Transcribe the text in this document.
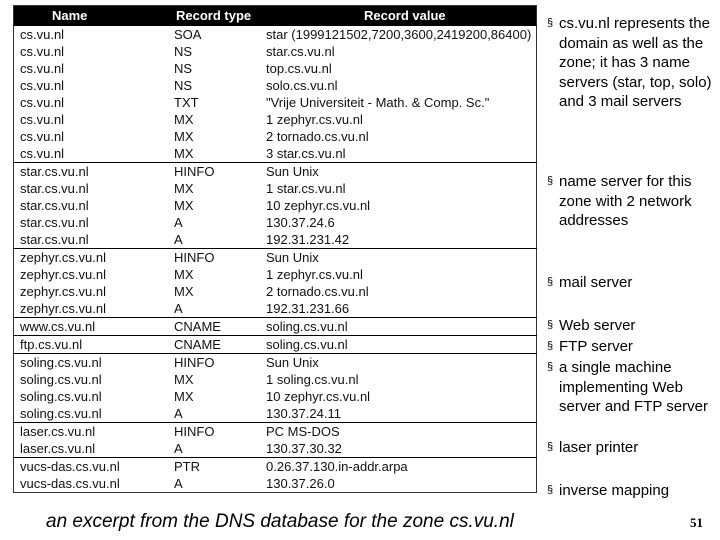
Name	Record type	Record value
cs.vu.nl	SOA	star (1999121502,7200,3600,2419200,86400)
cs.vu.nl	NS	star.cs.vu.nl
cs.vu.nl	NS	top.cs.vu.nl
cs.vu.nl	NS	solo.cs.vu.nl
cs.vu.nl	TXT	"Vrije Universiteit - Math. & Comp. Sc."
cs.vu.nl	MX	1 zephyr.cs.vu.nl
cs.vu.nl	MX	2 tornado.cs.vu.nl
cs.vu.nl	MX	3 star.cs.vu.nl
star.cs.vu.nl	HINFO	Sun Unix
star.cs.vu.nl	MX	1 star.cs.vu.nl
star.cs.vu.nl	MX	10 zephyr.cs.vu.nl
star.cs.vu.nl	A	130.37.24.6
star.cs.vu.nl	A	192.31.231.42
zephyr.cs.vu.nl	HINFO	Sun Unix
zephyr.cs.vu.nl	MX	1 zephyr.cs.vu.nl
zephyr.cs.vu.nl	MX	2 tornado.cs.vu.nl
zephyr.cs.vu.nl	A	192.31.231.66
www.cs.vu.nl	CNAME	soling.cs.vu.nl
ftp.cs.vu.nl	CNAME	soling.cs.vu.nl
soling.cs.vu.nl	HINFO	Sun Unix
soling.cs.vu.nl	MX	1 soling.cs.vu.nl
soling.cs.vu.nl	MX	10 zephyr.cs.vu.nl
soling.cs.vu.nl	A	130.37.24.11
laser.cs.vu.nl	HINFO	PC MS-DOS
laser.cs.vu.nl	A	130.37.30.32
vucs-das.cs.vu.nl	PTR	0.26.37.130.in-addr.arpa
vucs-das.cs.vu.nl	A	130.37.26.0
§ cs.vu.nl represents the domain as well as the zone; it has 3 name servers (star, top, solo) and 3 mail servers
§ name server for this zone with 2 network addresses
§ mail server
§ Web server
§ FTP server
§ a single machine implementing Web server and FTP server
§ laser printer
§ inverse mapping
an excerpt from the DNS database for the zone cs.vu.nl	51
